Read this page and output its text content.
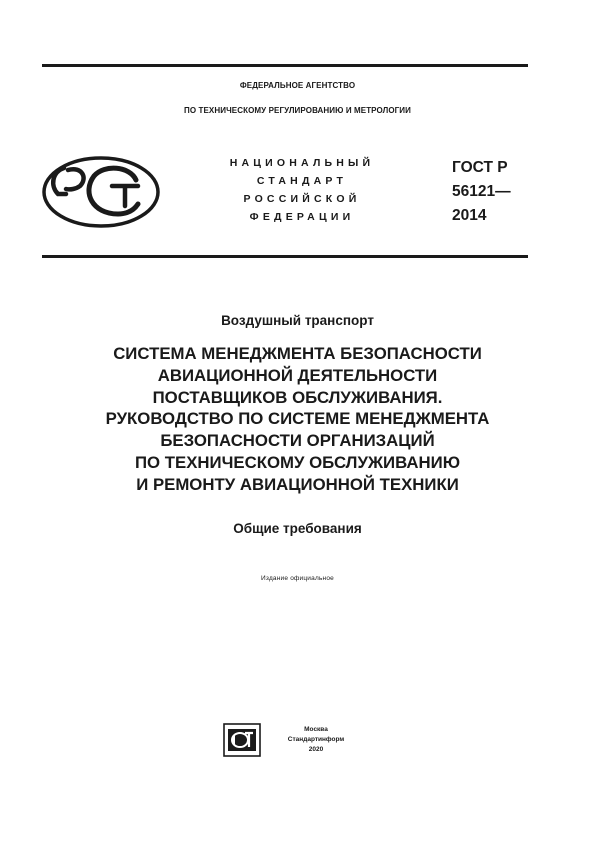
ФЕДЕРАЛЬНОЕ АГЕНТСТВО
ПО ТЕХНИЧЕСКОМУ РЕГУЛИРОВАНИЮ И МЕТРОЛОГИИ
НАЦИОНАЛЬНЫЙ
СТАНДАРТ
РОССИЙСКОЙ
ФЕДЕРАЦИИ
ГОСТ Р
56121—
2014
Воздушный транспорт
СИСТЕМА МЕНЕДЖМЕНТА БЕЗОПАСНОСТИ
АВИАЦИОННОЙ ДЕЯТЕЛЬНОСТИ
ПОСТАВЩИКОВ ОБСЛУЖИВАНИЯ.
РУКОВОДСТВО ПО СИСТЕМЕ МЕНЕДЖМЕНТА
БЕЗОПАСНОСТИ ОРГАНИЗАЦИЙ
ПО ТЕХНИЧЕСКОМУ ОБСЛУЖИВАНИЮ
И РЕМОНТУ АВИАЦИОННОЙ ТЕХНИКИ
Общие требования
Издание официальное
Москва
Стандартинформ
2020
